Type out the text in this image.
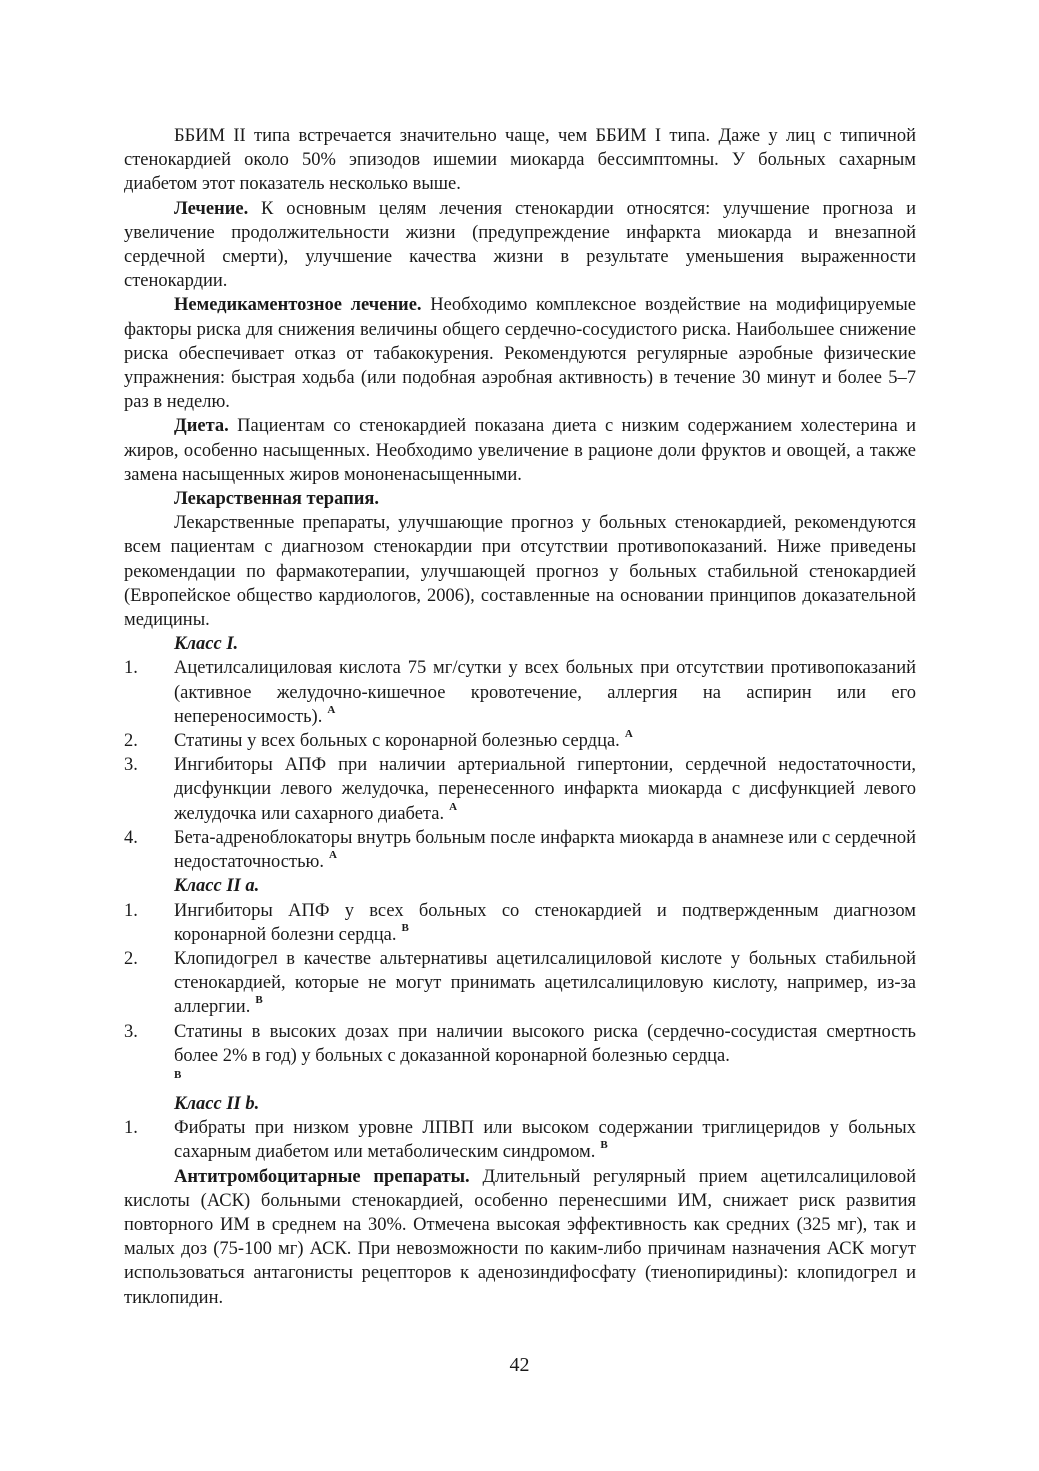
ББИМ II типа встречается значительно чаще, чем ББИМ I типа. Даже у лиц с типичной стенокардией около 50% эпизодов ишемии миокарда бессимптомны. У больных сахарным диабетом этот показатель несколько выше.

Лечение. К основным целям лечения стенокардии относятся: улучшение прогноза и увеличение продолжительности жизни (предупреждение инфаркта миокарда и внезапной сердечной смерти), улучшение качества жизни в результате уменьшения выраженности стенокардии.

Немедикаментозное лечение. Необходимо комплексное воздействие на модифицируемые факторы риска для снижения величины общего сердечно-сосудистого риска. Наибольшее снижение риска обеспечивает отказ от табакокурения. Рекомендуются регулярные аэробные физические упражнения: быстрая ходьба (или подобная аэробная активность) в течение 30 минут и более 5–7 раз в неделю.

Диета. Пациентам со стенокардией показана диета с низким содержанием холестерина и жиров, особенно насыщенных. Необходимо увеличение в рационе доли фруктов и овощей, а также замена насыщенных жиров мононенасыщенными.

Лекарственная терапия.

Лекарственные препараты, улучшающие прогноз у больных стенокардией, рекомендуются всем пациентам с диагнозом стенокардии при отсутствии противопоказаний. Ниже приведены рекомендации по фармакотерапии, улучшающей прогноз у больных стабильной стенокардией (Европейское общество кардиологов, 2006), составленные на основании принципов доказательной медицины.

Класс I.

1.	Ацетилсалициловая кислота 75 мг/сутки у всех больных при отсутствии противопоказаний (активное желудочно-кишечное кровотечение, аллергия на аспирин или его непереносимость). $^A$
2.	Статины у всех больных с коронарной болезнью сердца. $^A$
3.	Ингибиторы АПФ при наличии артериальной гипертонии, сердечной недостаточности, дисфункции левого желудочка, перенесенного инфаркта миокарда с дисфункцией левого желудочка или сахарного диабета. $^A$
4.	Бета-адреноблокаторы внутрь больным после инфаркта миокарда в анамнезе или с сердечной недостаточностью. $^A$

Класс II a.

1.	Ингибиторы АПФ у всех больных со стенокардией и подтвержденным диагнозом коронарной болезни сердца. $^B$
2.	Клопидогрел в качестве альтернативы ацетилсалициловой кислоте у больных стабильной стенокардией, которые не могут принимать ацетилсалициловую кислоту, например, из-за аллергии. $^B$
3.	Статины в высоких дозах при наличии высокого риска (сердечно-сосудистая смертность более 2% в год) у больных с доказанной коронарной болезнью сердца.
B

Класс II b.

1.	Фибраты при низком уровне ЛПВП или высоком содержании триглицеридов у больных сахарным диабетом или метаболическим синдромом. $^B$

Антитромбоцитарные препараты. Длительный регулярный прием ацетилсалициловой кислоты (АСК) больными стенокардией, особенно перенесшими ИМ, снижает риск развития повторного ИМ в среднем на 30%. Отмечена высокая эффективность как средних (325 мг), так и малых доз (75-100 мг) АСК. При невозможности по каким-либо причинам назначения АСК могут использоваться антагонисты рецепторов к аденозиндифосфату (тиенопиридины): клопидогрел и тиклопидин.

42
